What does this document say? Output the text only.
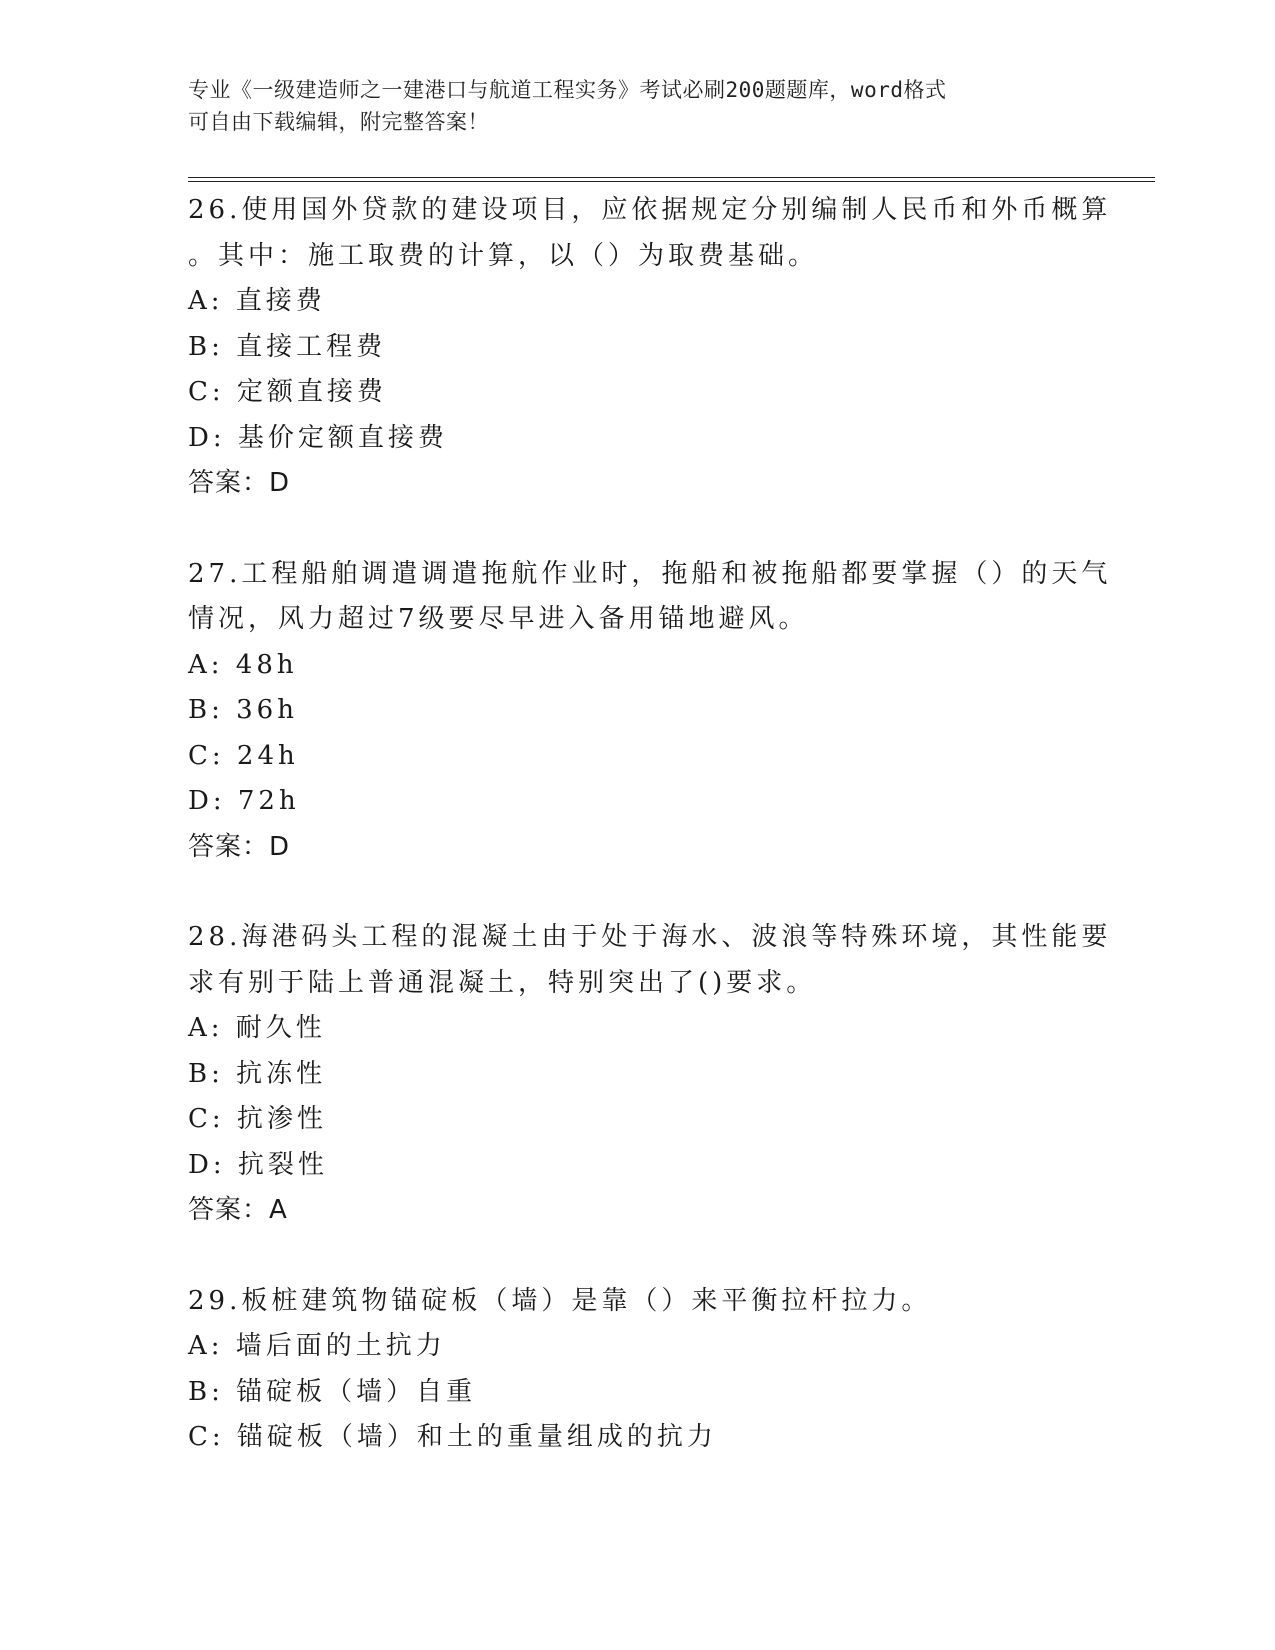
专业《一级建造师之一建港口与航道工程实务》考试必刷200题题库，word格式
可自由下载编辑，附完整答案！
26.使用国外贷款的建设项目，应依据规定分别编制人民币和外币概算
。其中：施工取费的计算，以（）为取费基础。
A: 直接费
B: 直接工程费
C: 定额直接费
D: 基价定额直接费
答案：D
27.工程船舶调遣调遣拖航作业时，拖船和被拖船都要掌握（）的天气
情况，风力超过7级要尽早进入备用锚地避风。
A: 48h
B: 36h
C: 24h
D: 72h
答案：D
28.海港码头工程的混凝土由于处于海水、波浪等特殊环境，其性能要
求有别于陆上普通混凝土，特别突出了()要求。
A: 耐久性
B: 抗冻性
C: 抗渗性
D: 抗裂性
答案：A
29.板桩建筑物锚碇板（墙）是靠（）来平衡拉杆拉力。
A: 墙后面的土抗力
B: 锚碇板（墙）自重
C: 锚碇板（墙）和土的重量组成的抗力
